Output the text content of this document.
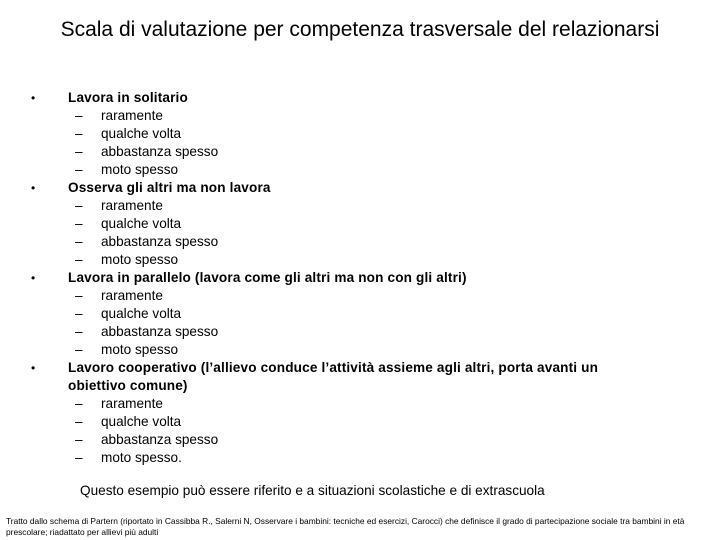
Scala di valutazione per competenza trasversale del relazionarsi
• Lavora in solitario
– raramente
– qualche volta
– abbastanza spesso
– moto spesso
• Osserva gli altri ma non lavora
– raramente
– qualche volta
– abbastanza spesso
– moto spesso
• Lavora in parallelo (lavora come gli altri ma non con gli altri)
– raramente
– qualche volta
– abbastanza spesso
– moto spesso
• Lavoro cooperativo (l’allievo conduce l’attività assieme agli altri, porta avanti un obiettivo comune)
– raramente
– qualche volta
– abbastanza spesso
– moto spesso.
Questo esempio può essere riferito e a situazioni scolastiche e di extrascuola
Tratto dallo schema di Partern (riportato in Cassibba R., Salerni N, Osservare i bambini: tecniche ed esercizi, Carocci) che definisce il grado di partecipazione sociale tra bambini in età prescolare; riadattato per allievi più adulti
